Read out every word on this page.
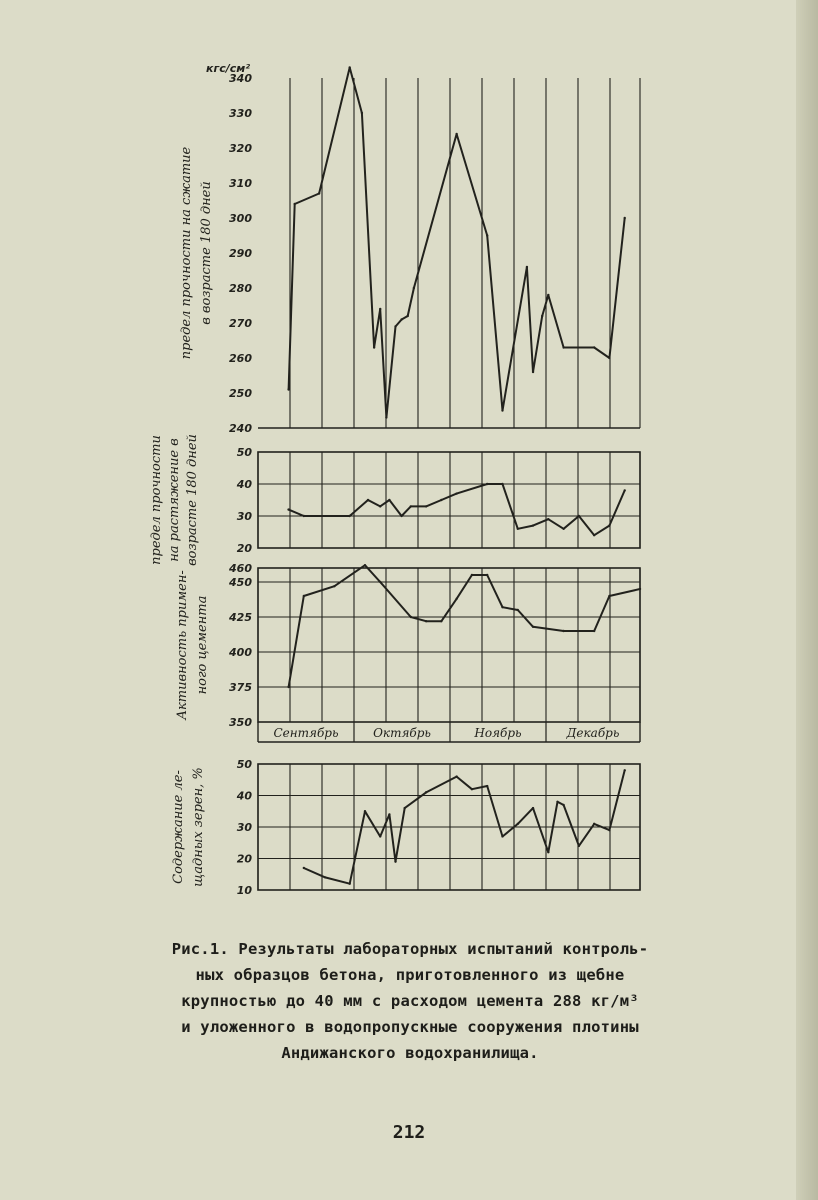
240
250
260
270
280
290
300
310
320
330
340
кгс/см²
предел прочности на сжатие в возрасте 180 дней
20
30
40
50
предел прочности на растяжение в возрасте 180 дней
350
375
400
425
450
460
Активность примен- ного цемента
Сентябрь	Октябрь	Ноябрь	Декабрь
10
20
30
40
50
Содержание ле- щадных зерен, %
Рис.1. Результаты лабораторных испытаний контроль-
ных образцов бетона, приготовленного из щебне
крупностью до 40 мм с расходом цемента 288 кг/м³
и уложенного в водопропускные сооружения плотины
Андижанского водохранилища.
212
